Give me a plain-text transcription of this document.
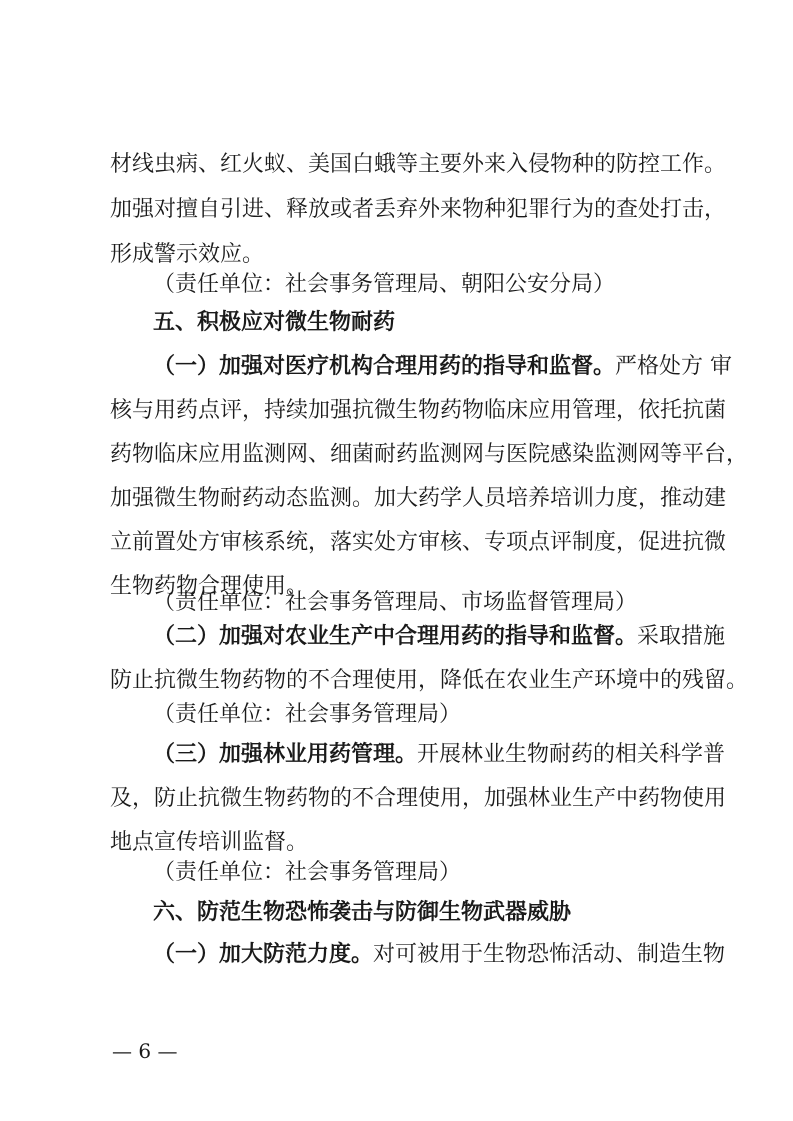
材线虫病、红火蚁、美国白蛾等主要外来入侵物种的防控工作。
加强对擅自引进、释放或者丢弃外来物种犯罪行为的查处打击，
形成警示效应。
（责任单位：社会事务管理局、朝阳公安分局）
五、积极应对微生物耐药
（一）加强对医疗机构合理用药的指导和监督。严格处方 审
核与用药点评，持续加强抗微生物药物临床应用管理，依托抗菌
药物临床应用监测网、细菌耐药监测网与医院感染监测网等平台，
加强微生物耐药动态监测。加大药学人员培养培训力度，推动建
立前置处方审核系统，落实处方审核、专项点评制度，促进抗微
生物药物合理使用。
（责任单位：社会事务管理局、市场监督管理局）
（二）加强对农业生产中合理用药的指导和监督。采取措施
防止抗微生物药物的不合理使用，降低在农业生产环境中的残留。
（责任单位：社会事务管理局）
（三）加强林业用药管理。开展林业生物耐药的相关科学普
及，防止抗微生物药物的不合理使用，加强林业生产中药物使用
地点宣传培训监督。
（责任单位：社会事务管理局）
六、防范生物恐怖袭击与防御生物武器威胁
（一）加大防范力度。对可被用于生物恐怖活动、制造生物
— 6 —
